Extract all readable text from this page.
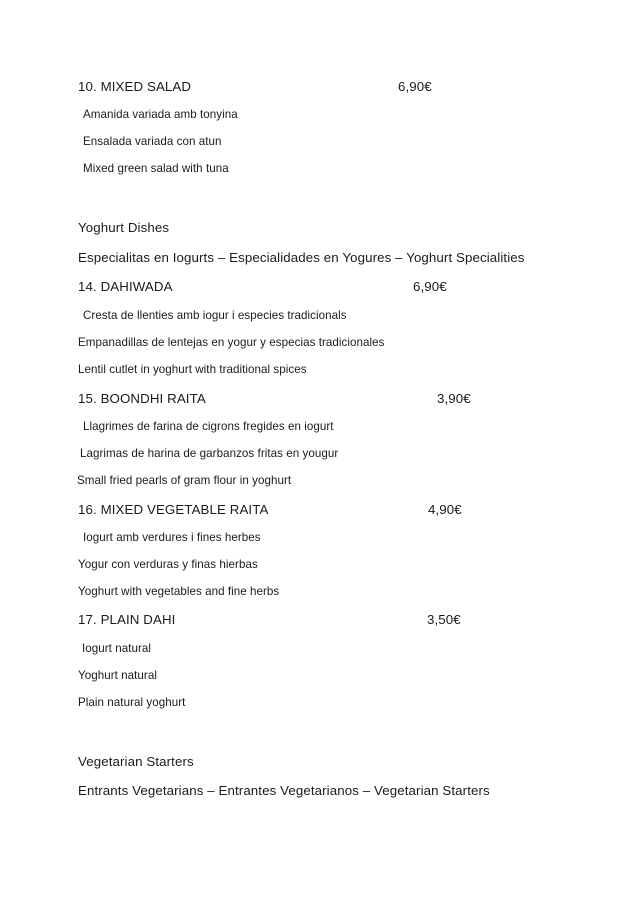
Yoghurt Dishes
Especialitas en Iogurts – Especialidades en Yogures – Yoghurt Specialities
Vegetarian Starters
Entrants Vegetarians – Entrantes Vegetarianos – Vegetarian Starters
10. MIXED SALAD	6,90€
Amanida variada amb tonyina
Ensalada variada con atun
Mixed green salad with tuna
14. DAHIWADA	6,90€
Cresta de llenties amb iogur i especies tradicionals
Empanadillas de lentejas en yogur y especias tradicionales
Lentil cutlet in yoghurt with traditional spices
15. BOONDHI RAITA	3,90€
Llagrimes de farina de cigrons fregides en iogurt
Lagrimas de harina de garbanzos fritas en yougur
Small fried pearls of gram flour in yoghurt
16. MIXED VEGETABLE RAITA	4,90€
Iogurt amb verdures i fines herbes
Yogur con verduras y finas hierbas
Yoghurt with vegetables and fine herbs
17. PLAIN DAHI	3,50€
Iogurt natural
Yoghurt natural
Plain natural yoghurt
